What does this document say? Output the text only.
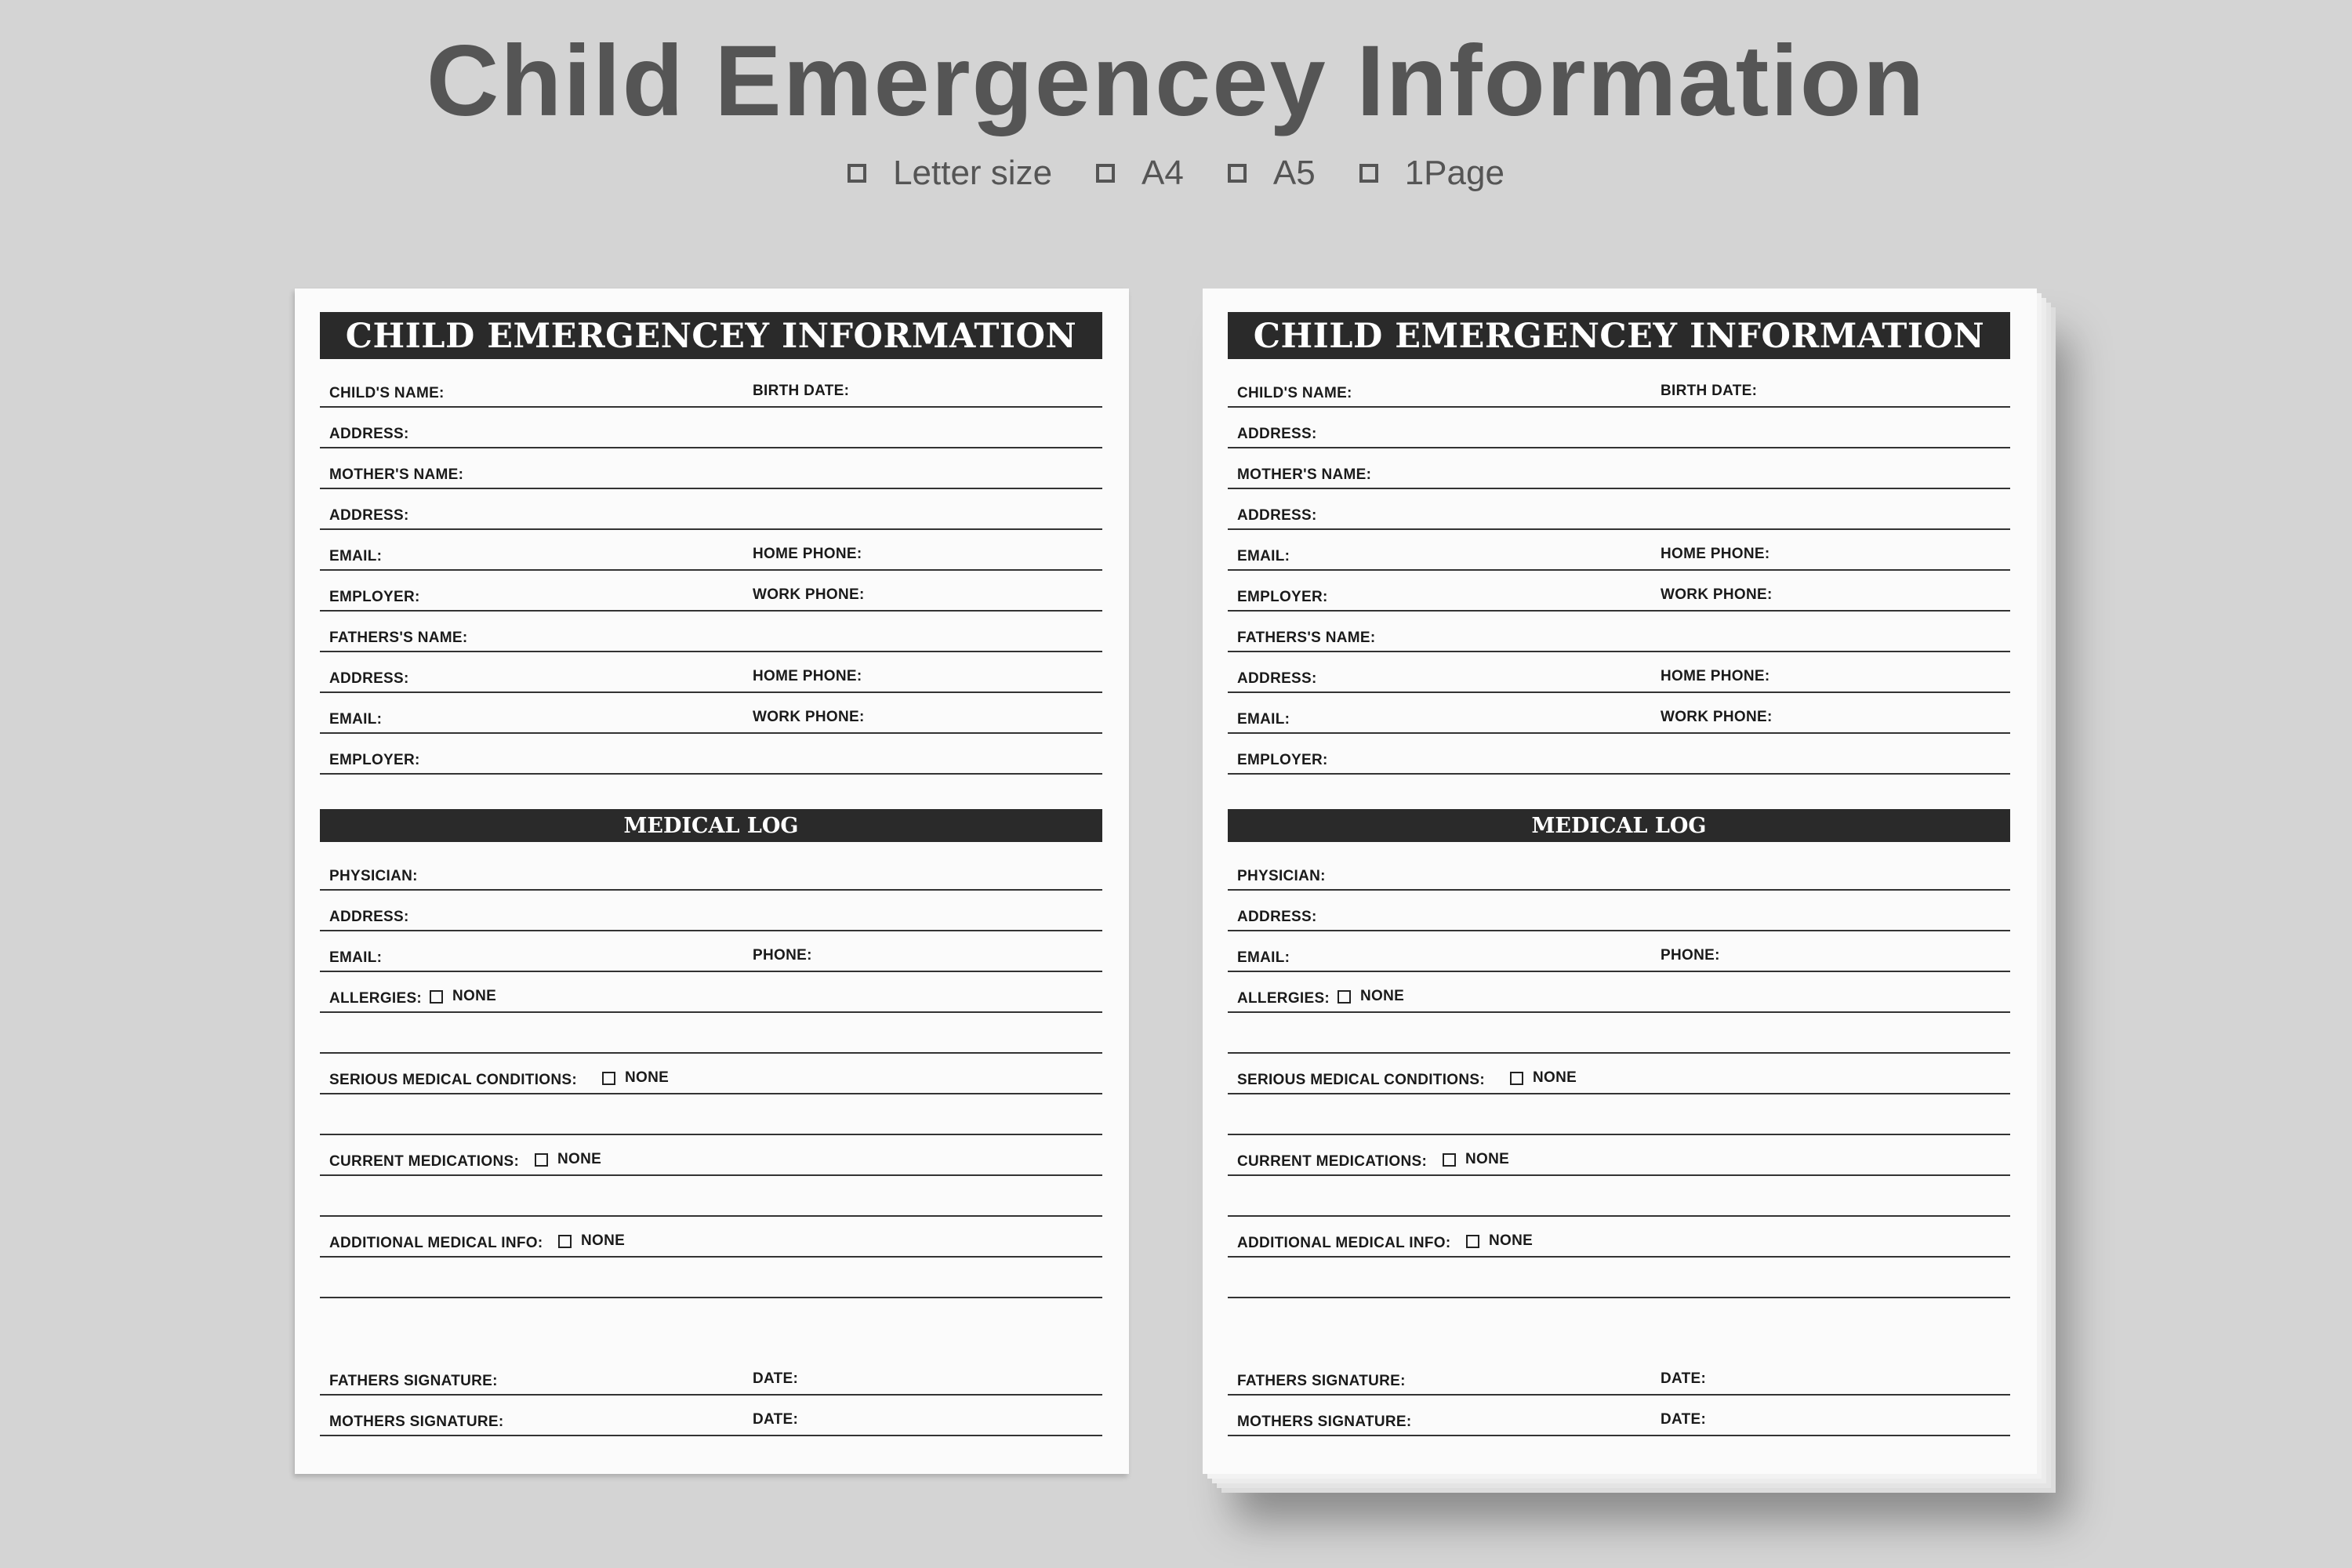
Child Emergencey Information
Letter size	A4	A5	1Page
CHILD EMERGENCEY INFORMATION
CHILD'S NAME:	BIRTH DATE:
ADDRESS:
MOTHER'S NAME:
ADDRESS:
EMAIL:	HOME PHONE:
EMPLOYER:	WORK PHONE:
FATHERS'S NAME:
ADDRESS:	HOME PHONE:
EMAIL:	WORK PHONE:
EMPLOYER:
MEDICAL LOG
PHYSICIAN:
ADDRESS:
EMAIL:	PHONE:
ALLERGIES: NONE
SERIOUS MEDICAL CONDITIONS:	NONE
CURRENT MEDICATIONS:	NONE
ADDITIONAL MEDICAL INFO:	NONE
FATHERS SIGNATURE:	DATE:
MOTHERS SIGNATURE:	DATE:
CHILD EMERGENCEY INFORMATION
CHILD'S NAME:	BIRTH DATE:
ADDRESS:
MOTHER'S NAME:
ADDRESS:
EMAIL:	HOME PHONE:
EMPLOYER:	WORK PHONE:
FATHERS'S NAME:
ADDRESS:	HOME PHONE:
EMAIL:	WORK PHONE:
EMPLOYER:
MEDICAL LOG
PHYSICIAN:
ADDRESS:
EMAIL:	PHONE:
ALLERGIES: NONE
SERIOUS MEDICAL CONDITIONS:	NONE
CURRENT MEDICATIONS:	NONE
ADDITIONAL MEDICAL INFO:	NONE
FATHERS SIGNATURE:	DATE:
MOTHERS SIGNATURE:	DATE:
